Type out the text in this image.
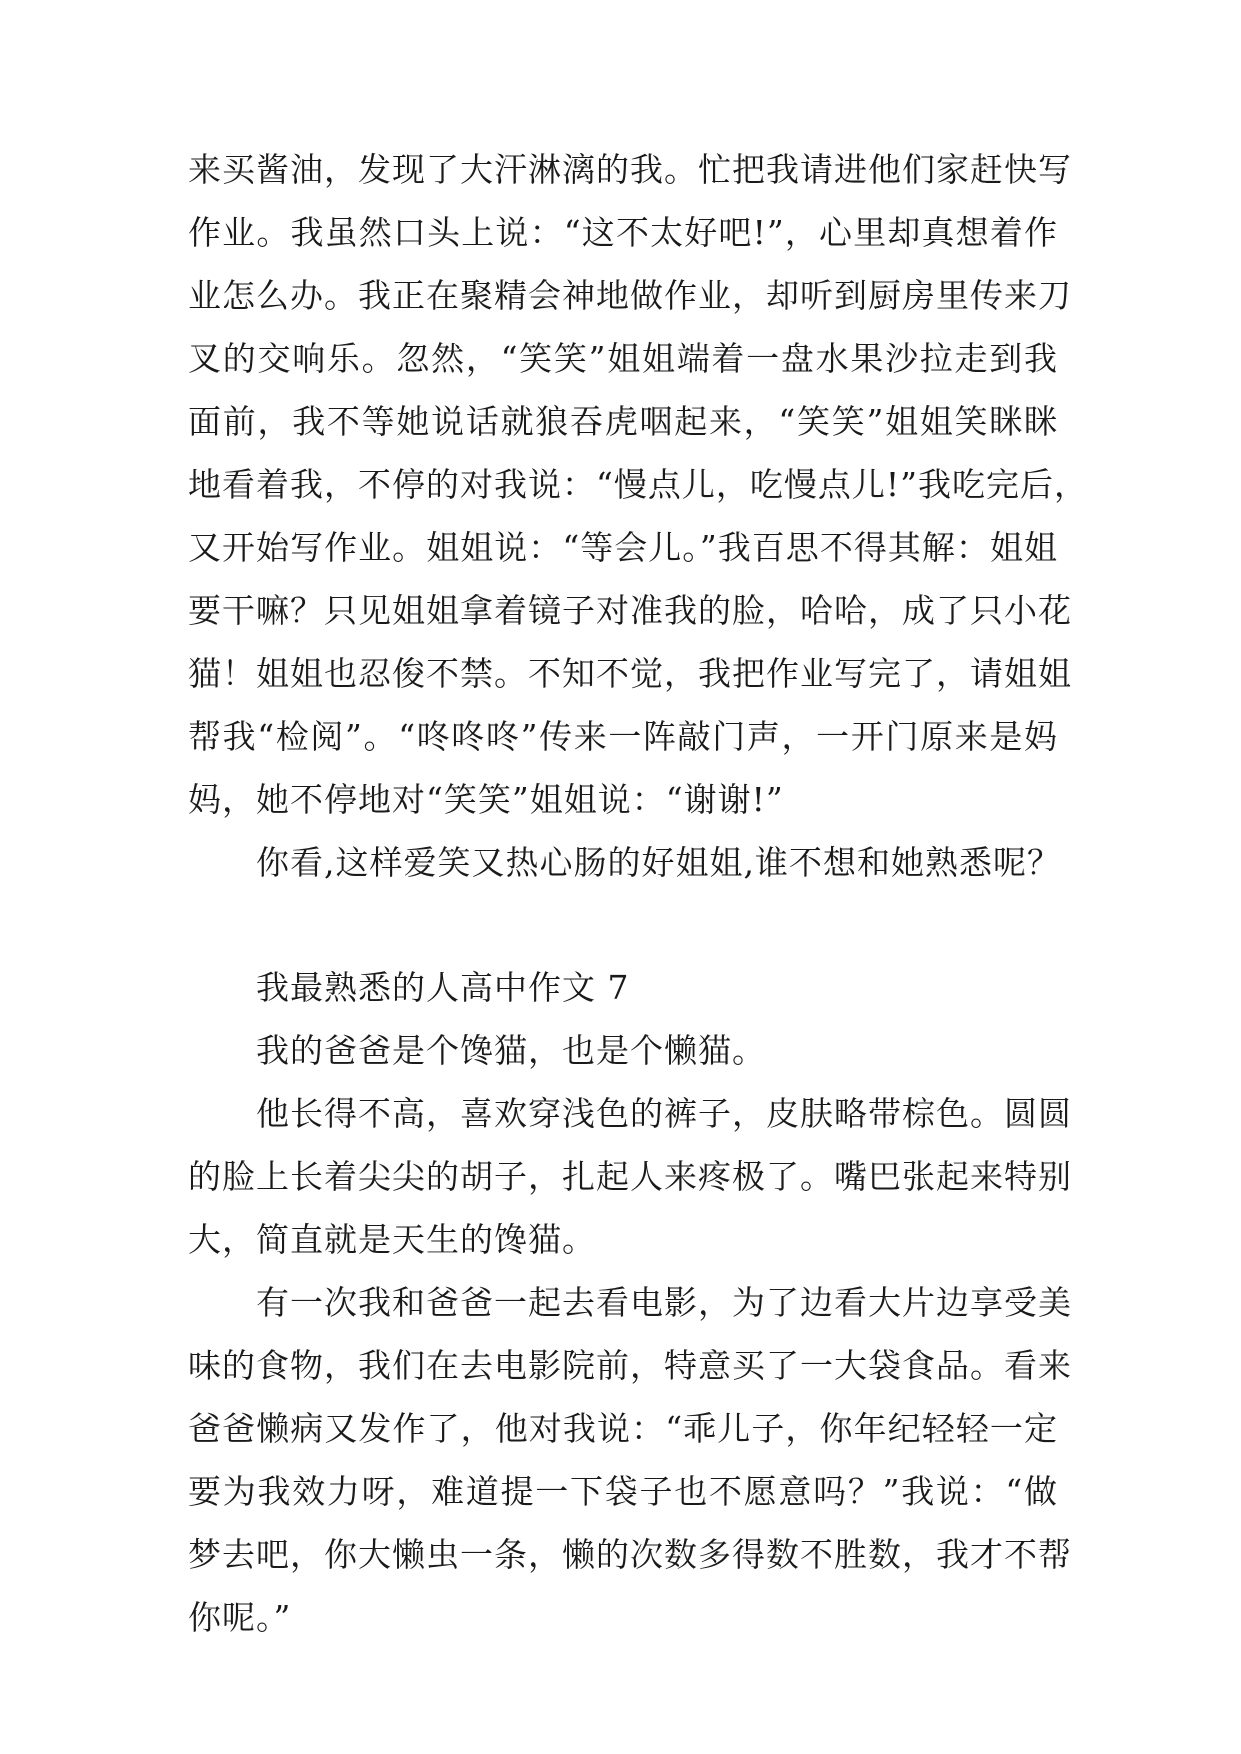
来买酱油，发现了大汗淋漓的我。忙把我请进他们家赶快写
作业。我虽然口头上说：“这不太好吧!”，心里却真想着作
业怎么办。我正在聚精会神地做作业，却听到厨房里传来刀
叉的交响乐。忽然，“笑笑”姐姐端着一盘水果沙拉走到我
面前，我不等她说话就狼吞虎咽起来，“笑笑”姐姐笑眯眯
地看着我，不停的对我说：“慢点儿，吃慢点儿!”我吃完后，
又开始写作业。姐姐说：“等会儿。”我百思不得其解：姐姐
要干嘛？只见姐姐拿着镜子对准我的脸，哈哈，成了只小花
猫！姐姐也忍俊不禁。不知不觉，我把作业写完了，请姐姐
帮我“检阅”。“咚咚咚”传来一阵敲门声，一开门原来是妈
妈，她不停地对“笑笑”姐姐说：“谢谢!”
你看,这样爱笑又热心肠的好姐姐,谁不想和她熟悉呢？
我最熟悉的人高中作文 7
我的爸爸是个馋猫，也是个懒猫。
他长得不高，喜欢穿浅色的裤子，皮肤略带棕色。圆圆
的脸上长着尖尖的胡子，扎起人来疼极了。嘴巴张起来特别
大，简直就是天生的馋猫。
有一次我和爸爸一起去看电影，为了边看大片边享受美
味的食物，我们在去电影院前，特意买了一大袋食品。看来
爸爸懒病又发作了，他对我说：“乖儿子，你年纪轻轻一定
要为我效力呀，难道提一下袋子也不愿意吗？”我说：“做
梦去吧，你大懒虫一条，懒的次数多得数不胜数，我才不帮
你呢。”
